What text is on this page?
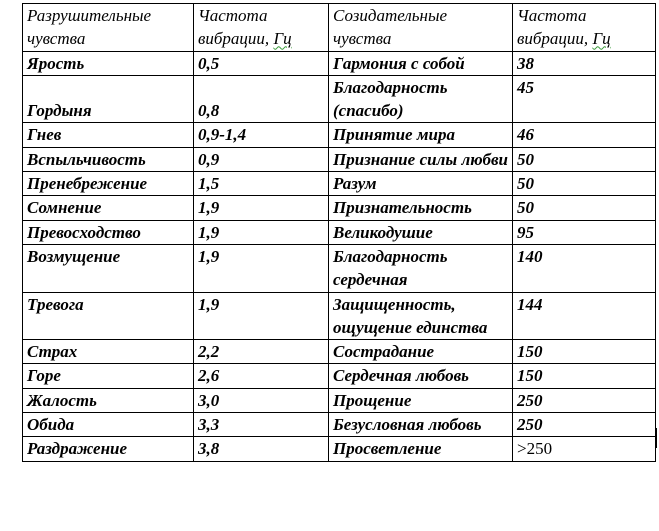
Разрушительные чувства	Частота вибрации, Гц	Созидательные чувства	Частота вибрации, Гц
Ярость	0,5	Гармония с собой	38
Гордыня	0,8	Благодарность (спасибо)	45
Гнев	0,9-1,4	Принятие мира	46
Вспыльчивость	0,9	Признание силы любви	50
Пренебрежение	1,5	Разум	50
Сомнение	1,9	Признательность	50
Превосходство	1,9	Великодушие	95
Возмущение	1,9	Благодарность сердечная	140
Тревога	1,9	Защищенность, ощущение единства	144
Страх	2,2	Сострадание	150
Горе	2,6	Сердечная любовь	150
Жалость	3,0	Прощение	250
Обида	3,3	Безусловная любовь	250
Раздражение	3,8	Просветление	>250
